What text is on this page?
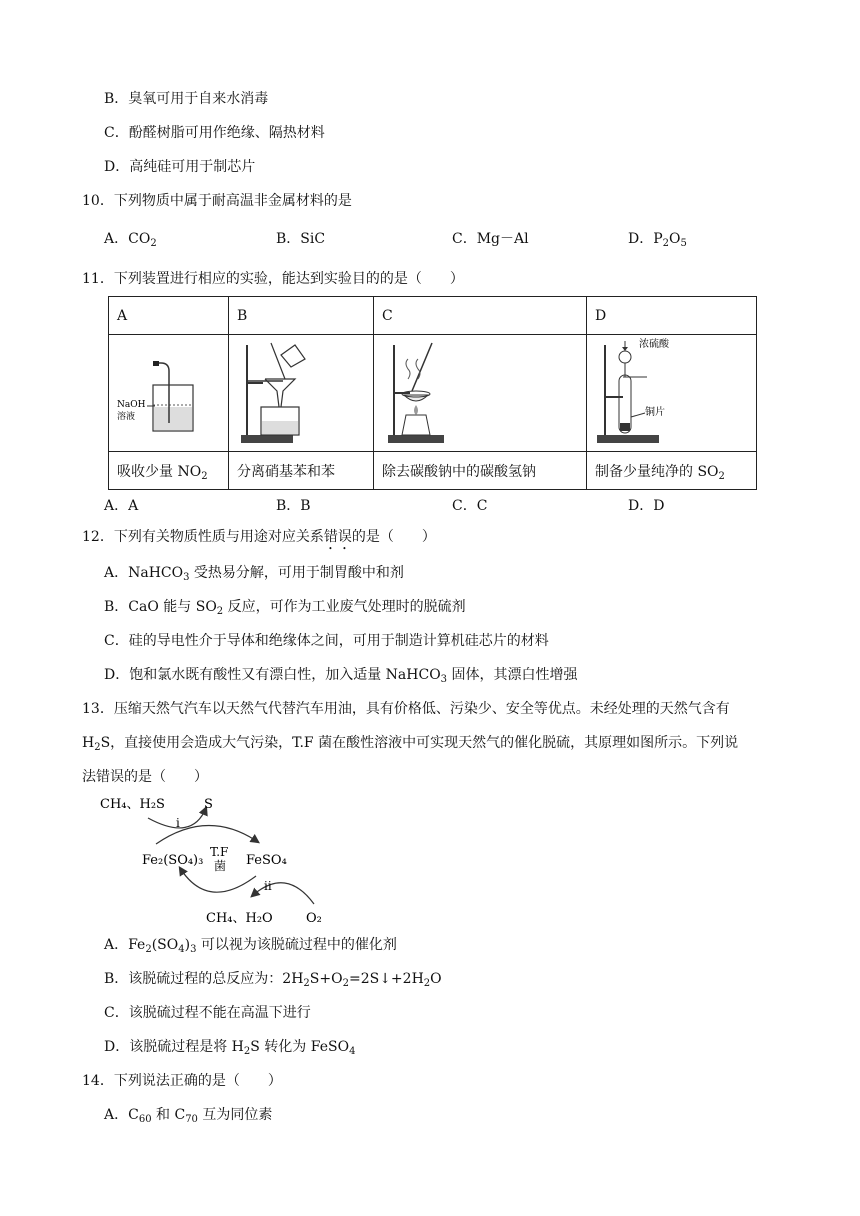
B．臭氧可用于自来水消毒
C．酚醛树脂可用作绝缘、隔热材料
D．高纯硅可用于制芯片
10．下列物质中属于耐高温非金属材料的是
A．$CO_2$	B．SiC	C．Mg－Al	D．$P_2O_5$
11．下列装置进行相应的实验，能达到实验目的的是（　　）
A	B	C	D

NaOH
溶液			浓硫酸
铜片

吸收少量 $NO_2$	分离硝基苯和苯	除去碳酸钠中的碳酸氢钠	制备少量纯净的 $SO_2$
A．A	B．B	C．C	D．D
12．下列有关物质性质与用途对应关系错误的是（　　）
A．NaHCO$_3$ 受热易分解，可用于制胃酸中和剂
B．CaO 能与 $SO_2$ 反应，可作为工业废气处理时的脱硫剂
C．硅的导电性介于导体和绝缘体之间，可用于制造计算机硅芯片的材料
D．饱和氯水既有酸性又有漂白性，加入适量 NaHCO$_3$ 固体，其漂白性增强
13．压缩天然气汽车以天然气代替汽车用油，具有价格低、污染少、安全等优点。未经处理的天然气含有
$H_2S$，直接使用会造成大气污染，T.F 菌在酸性溶液中可实现天然气的催化脱硫，其原理如图所示。下列说
法错误的是（　　）
CH₄、H₂S	S
i
T.F
菌
Fe₂(SO₄)₃	FeSO₄
ii
CH₄、H₂O	O₂
A．$Fe_2(SO_4)_3$ 可以视为该脱硫过程中的催化剂
B．该脱硫过程的总反应为：$2H_2S+O_2=2S↓+2H_2O$
C．该脱硫过程不能在高温下进行
D．该脱硫过程是将 $H_2S$ 转化为 FeSO$_4$
14．下列说法正确的是（　　）
A．$C_{60}$ 和 $C_{70}$ 互为同位素
